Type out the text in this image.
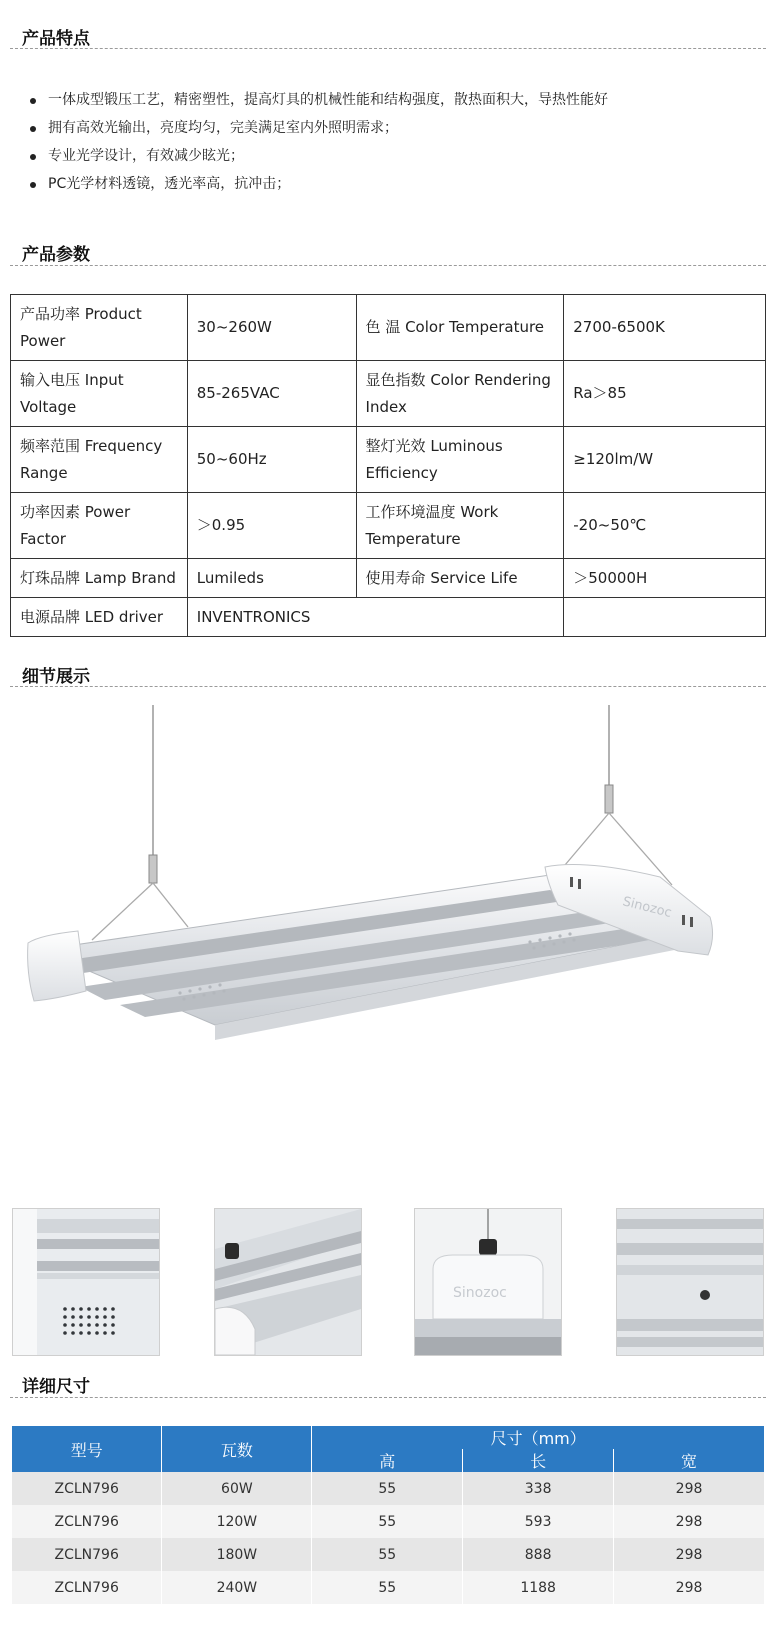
产品特点
一体成型锻压工艺，精密塑性，提高灯具的机械性能和结构强度，散热面积大，导热性能好
拥有高效光输出，亮度均匀，完美满足室内外照明需求；
专业光学设计，有效减少眩光；
PC光学材料透镜，透光率高，抗冲击；
产品参数
产品功率 Product Power	30~260W	色 温 Color Temperature	2700-6500K
输入电压 Input Voltage	85-265VAC	显色指数 Color Rendering Index	Ra＞85
频率范围 Frequency Range	50~60Hz	整灯光效 Luminous Efficiency	≥120lm/W
功率因素 Power Factor	＞0.95	工作环境温度 Work Temperature	-20~50℃
灯珠品牌 Lamp Brand	Lumileds	使用寿命 Service Life	＞50000H
电源品牌 LED driver	INVENTRONICS		
细节展示
Sinozoc
Sinozoc
详细尺寸
型号	瓦数	尺寸（mm）		
		高	长	宽
ZCLN796	60W	55	338	298
ZCLN796	120W	55	593	298
ZCLN796	180W	55	888	298
ZCLN796	240W	55	1188	298
